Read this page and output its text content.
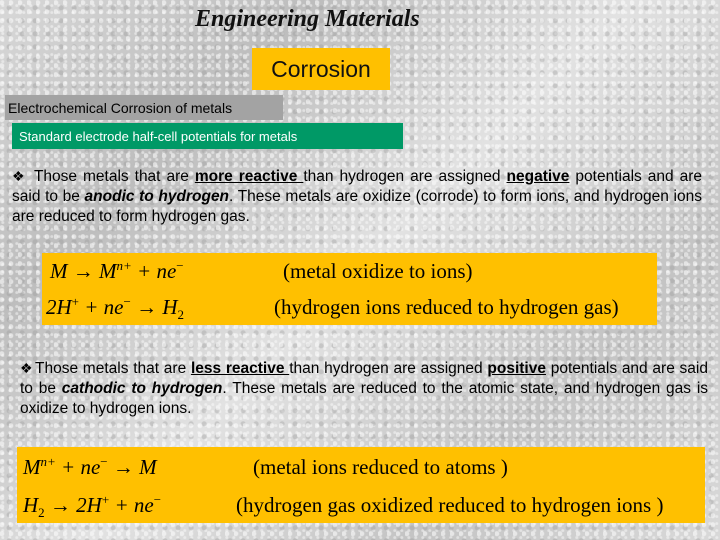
Engineering Materials
Corrosion
Electrochemical Corrosion of metals
Standard electrode half-cell potentials for metals
❖ Those metals that are more reactive than hydrogen are assigned negative potentials and are said to be anodic to hydrogen. These metals are oxidize (corrode) to form ions, and hydrogen ions are reduced to form hydrogen gas.
$M \to M^{n+} + ne^-$	(metal oxidize to ions)
$2H^+ + ne^- \to H_2$	(hydrogen ions reduced to hydrogen gas)
❖ Those metals that are less reactive than hydrogen are assigned positive potentials and are said to be cathodic to hydrogen. These metals are reduced to the atomic state, and hydrogen gas is oxidize to hydrogen ions.
$M^{n+} + ne^- \to M$	(metal ions reduced to atoms )
$H_2 \to 2H^+ + ne^-$	(hydrogen gas oxidized reduced to hydrogen ions )
